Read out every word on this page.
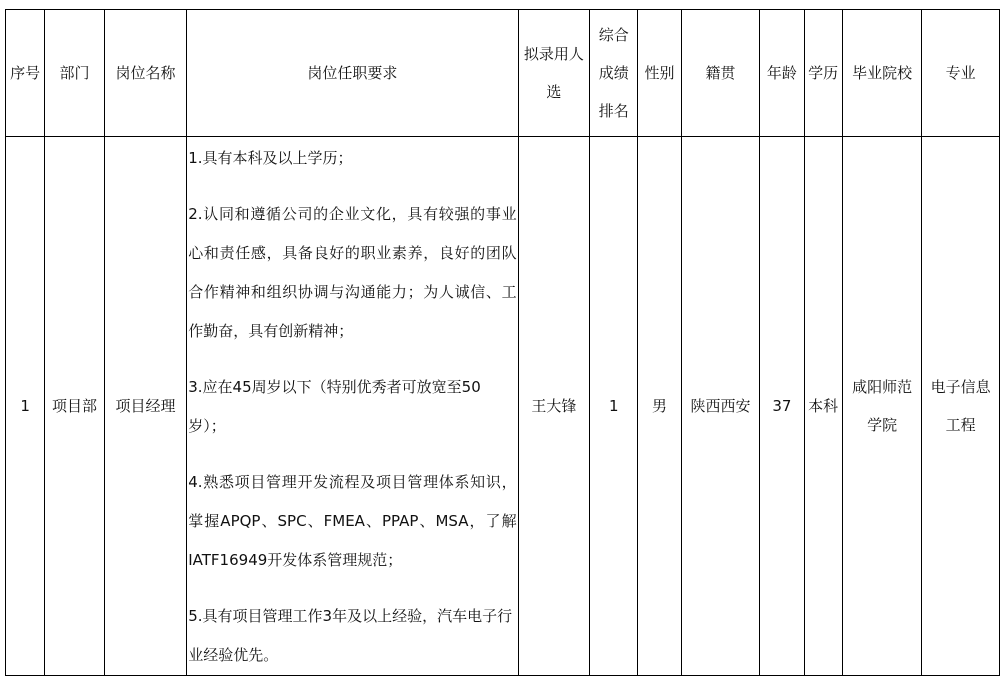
序号	部门	岗位名称	岗位任职要求	拟录用人选	综合成绩排名	性别	籍贯	年龄	学历	毕业院校	专业
1	项目部	项目经理	1.具有本科及以上学历；

2.认同和遵循公司的企业文化，具有较强的事业心和责任感，具备良好的职业素养，良好的团队合作精神和组织协调与沟通能力；为人诚信、工作勤奋，具有创新精神；

3.应在45周岁以下（特别优秀者可放宽至50岁）；

4.熟悉项目管理开发流程及项目管理体系知识，掌握APQP、SPC、FMEA、PPAP、MSA，了解IATF16949开发体系管理规范；

5.具有项目管理工作3年及以上经验，汽车电子行业经验优先。	王大锋	1	男	陕西西安	37	本科	咸阳师范学院	电子信息工程
